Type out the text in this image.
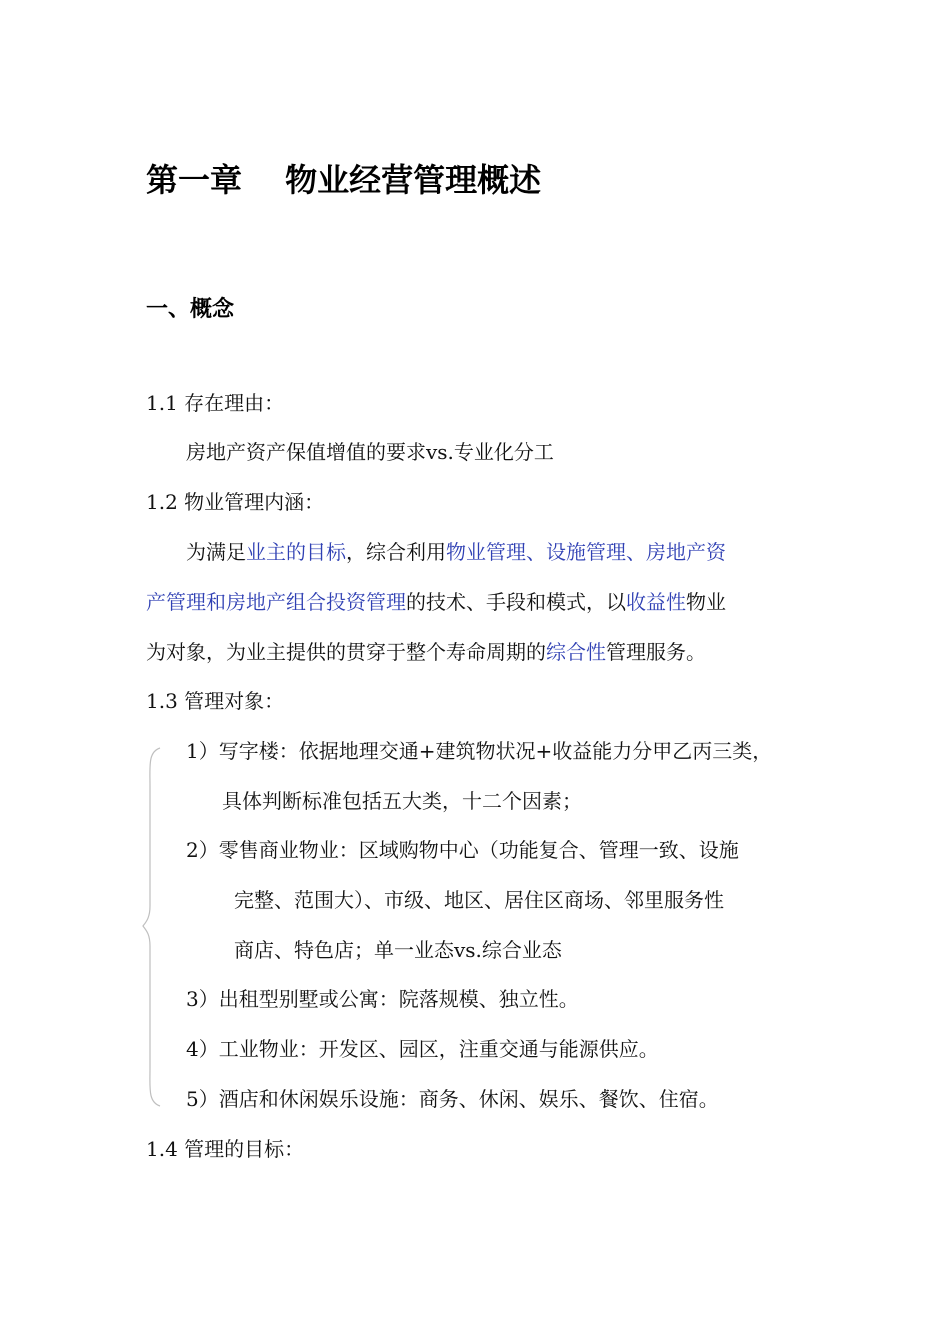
第一章　 物业经营管理概述
一、概念
1.1 存在理由：
房地产资产保值增值的要求vs.专业化分工
1.2 物业管理内涵：
为满足业主的目标，综合利用物业管理、设施管理、房地产资
产管理和房地产组合投资管理的技术、手段和模式，以收益性物业
为对象，为业主提供的贯穿于整个寿命周期的综合性管理服务。
1.3 管理对象：
1）写字楼：依据地理交通+建筑物状况+收益能力分甲乙丙三类，
具体判断标准包括五大类，十二个因素；
2）零售商业物业：区域购物中心（功能复合、管理一致、设施
完整、范围大）、市级、地区、居住区商场、邻里服务性
商店、特色店；单一业态vs.综合业态
3）出租型别墅或公寓：院落规模、独立性。
4）工业物业：开发区、园区，注重交通与能源供应。
5）酒店和休闲娱乐设施：商务、休闲、娱乐、餐饮、住宿。
1.4 管理的目标：
